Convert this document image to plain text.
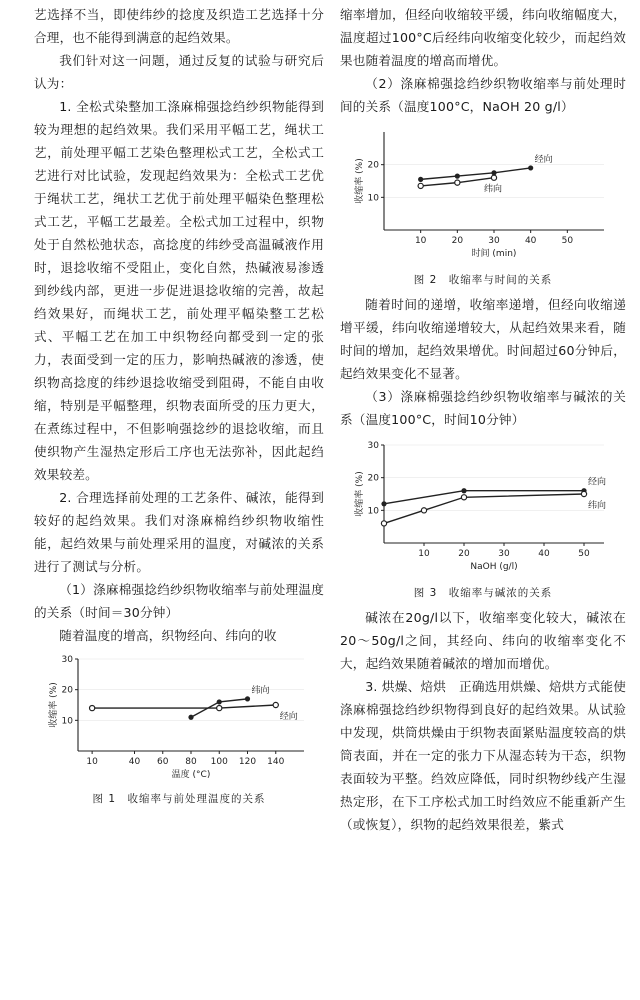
艺选择不当，即使纬纱的捻度及织造工艺选择十分合理，也不能得到满意的起绉效果。

我们针对这一问题，通过反复的试验与研究后认为：

1. 全松式染整加工涤麻棉强捻绉纱织物能得到较为理想的起绉效果。我们采用平幅工艺，绳状工艺，前处理平幅工艺染色整理松式工艺，全松式工艺进行对比试验，发现起绉效果为：全松式工艺优于绳状工艺，绳状工艺优于前处理平幅染色整理松式工艺，平幅工艺最差。全松式加工过程中，织物处于自然松弛状态，高捻度的纬纱受高温碱液作用时，退捻收缩不受阻止，变化自然，热碱液易渗透到纱线内部，更进一步促进退捻收缩的完善，故起绉效果好，而绳状工艺，前处理平幅染整工艺松式、平幅工艺在加工中织物经向都受到一定的张力，表面受到一定的压力，影响热碱液的渗透，使织物高捻度的纬纱退捻收缩受到阻碍，不能自由收缩，特别是平幅整理，织物表面所受的压力更大，在煮练过程中，不但影响强捻纱的退捻收缩，而且使织物产生湿热定形后工序也无法弥补，因此起绉效果较差。

2. 合理选择前处理的工艺条件、碱浓，能得到较好的起绉效果。我们对涤麻棉绉纱织物收缩性能，起绉效果与前处理采用的温度，对碱浓的关系进行了测试与分析。

（1）涤麻棉强捻绉纱织物收缩率与前处理温度的关系（时间＝30分钟）

随着温度的增高，织物经向、纬向的收

10
20
30
10	40 60 80 100 120 140
温度 (°C)
收缩率 (%)	纬向
经向
图 1　收缩率与前处理温度的关系

缩率增加，但经向收缩较平缓，纬向收缩幅度大，温度超过100°C后经纬向收缩变化较少，而起绉效果也随着温度的增高而增优。

（2）涤麻棉强捻绉纱织物收缩率与前处理时间的关系（温度100°C，NaOH 20 g/l）

10
20
10	20	30	40	50
时间 (min)
收缩率 (%)	经向
纬向
图 2　收缩率与时间的关系

随着时间的递增，收缩率递增，但经向收缩递增平缓，纬向收缩递增较大，从起绉效果来看，随时间的增加，起绉效果增优。时间超过60分钟后，起绉效果变化不显著。

（3）涤麻棉强捻绉纱织物收缩率与碱浓的关系（温度100°C，时间10分钟）

10
20
30
10	20	30	40	50
NaOH (g/l)
收缩率 (%)	经向
纬向
图 3　收缩率与碱浓的关系

碱浓在20g/l以下，收缩率变化较大，碱浓在20～50g/l之间，其经向、纬向的收缩率变化不大，起绉效果随着碱浓的增加而增优。

3. 烘燥、焙烘　正确选用烘燥、焙烘方式能使涤麻棉强捻绉纱织物得到良好的起绉效果。从试验中发现，烘筒烘燥由于织物表面紧贴温度较高的烘筒表面，并在一定的张力下从湿态转为干态，织物表面较为平整。绉效应降低，同时织物纱线产生湿热定形，在下工序松式加工时绉效应不能重新产生（或恢复），织物的起绉效果很差，紫式
